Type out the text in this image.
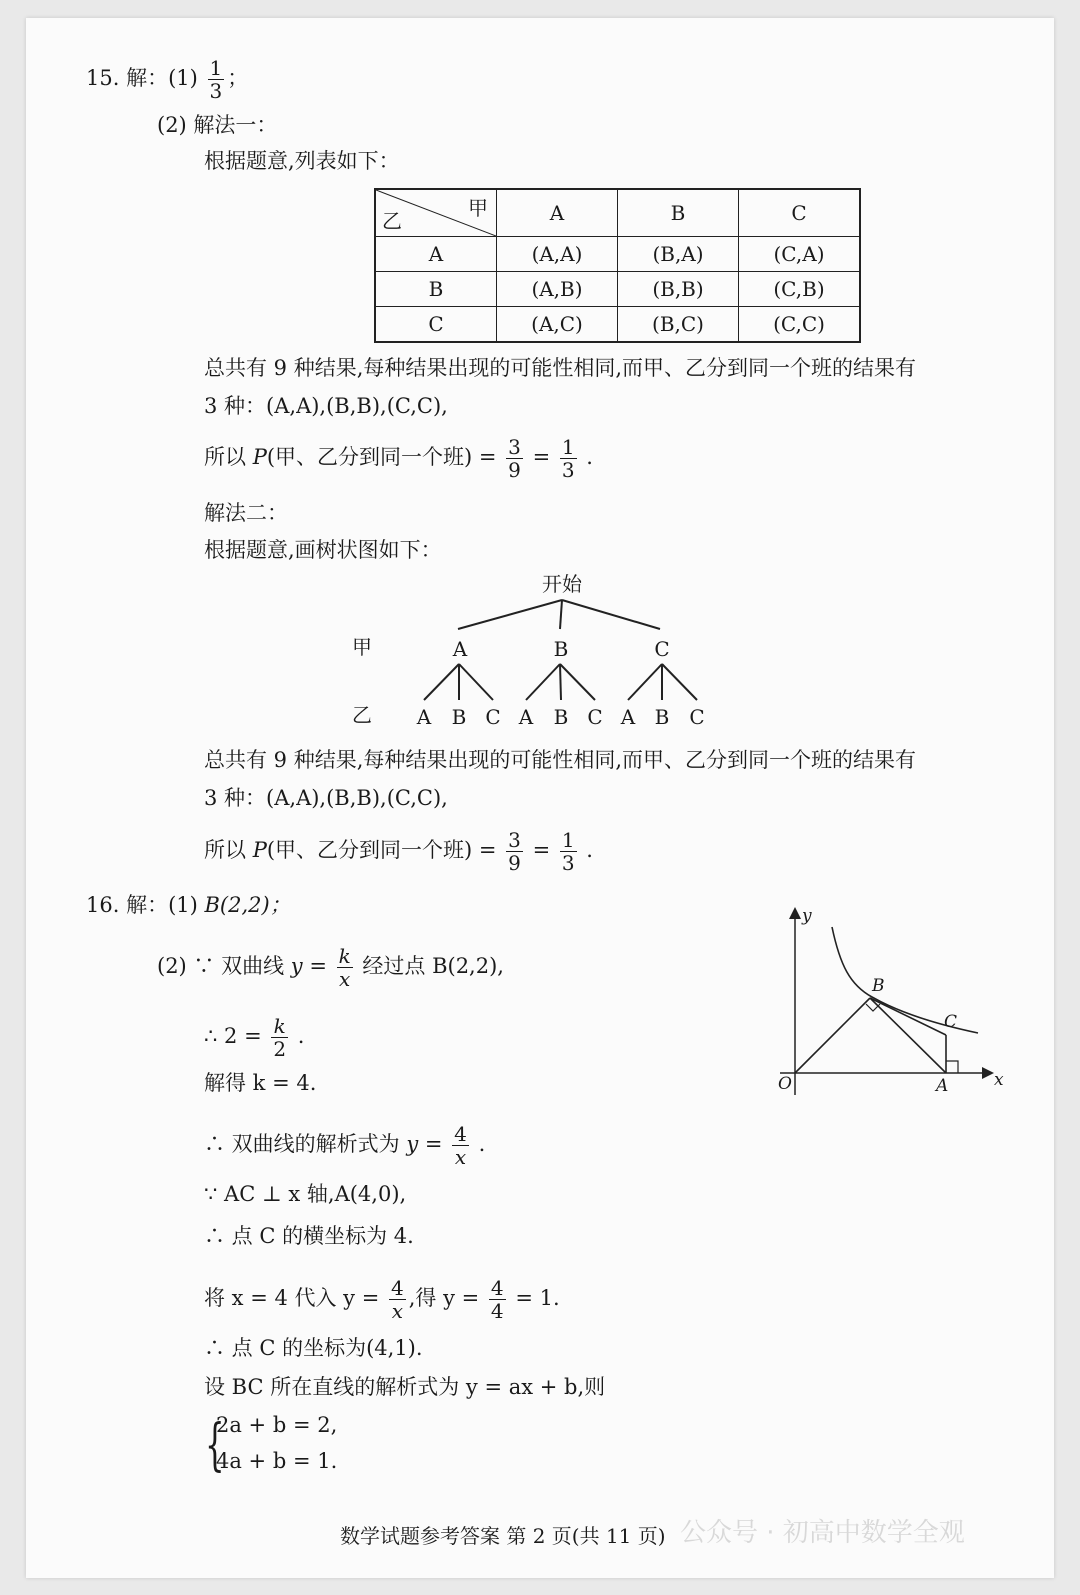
15. 解：$(1) \frac{1}{3}$ ；
(2) 解法一：
根据题意,列表如下：
甲
乙	A	B	C
A	(A,A)	(B,A)	(C,A)
B	(A,B)	(B,B)	(C,B)
C	(A,C)	(B,C)	(C,C)
总共有 9 种结果,每种结果出现的可能性相同,而甲、乙分到同一个班的结果有
3 种：(A,A),(B,B),(C,C),
所以 P(甲、乙分到同一个班) = $\frac{3}{9} = \frac{1}{3}$ .
解法二：
根据题意,画树状图如下：
开始
甲	A	B	C
乙 A B C A B C A B C
总共有 9 种结果,每种结果出现的可能性相同,而甲、乙分到同一个班的结果有
3 种：(A,A),(B,B),(C,C),
所以 P(甲、乙分到同一个班) = $\frac{3}{9} = \frac{1}{3}$ .
16. 解：(1) B(2,2)；
(2) ∵ 双曲线 $y = \frac{k}{x}$ 经过点 B(2,2),
∴ $2 = \frac{k}{2}$ .
解得 k = 4.
∴ 双曲线的解析式为 $y = \frac{4}{x}$ .
∵ AC ⊥ x 轴,A(4,0),
∴ 点 C 的横坐标为 4.
将 x = 4 代入 $y = \frac{4}{x}$ ,得 $y = \frac{4}{4} = 1$.
∴ 点 C 的坐标为(4,1).
设 BC 所在直线的解析式为 y = ax + b,则
{
2a + b = 2,
4a + b = 1.
y
x
O	A
B
C
数学试题参考答案 第 2 页(共 11 页) 公众号 · 初高中数学全观
